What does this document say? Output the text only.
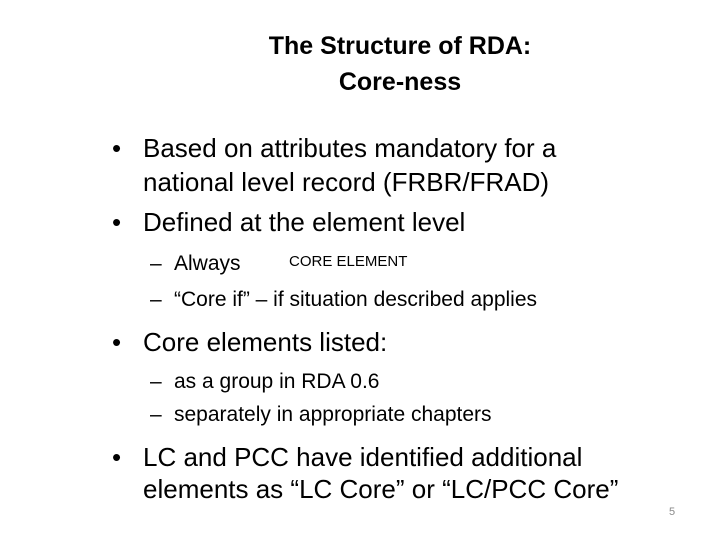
The Structure of RDA:
Core-ness
• Based on attributes mandatory for a
national level record (FRBR/FRAD)
• Defined at the element level
– Always	CORE ELEMENT
– “Core if” – if situation described applies
• Core elements listed:
– as a group in RDA 0.6
– separately in appropriate chapters
• LC and PCC have identified additional
elements as “LC Core” or “LC/PCC Core”
5
